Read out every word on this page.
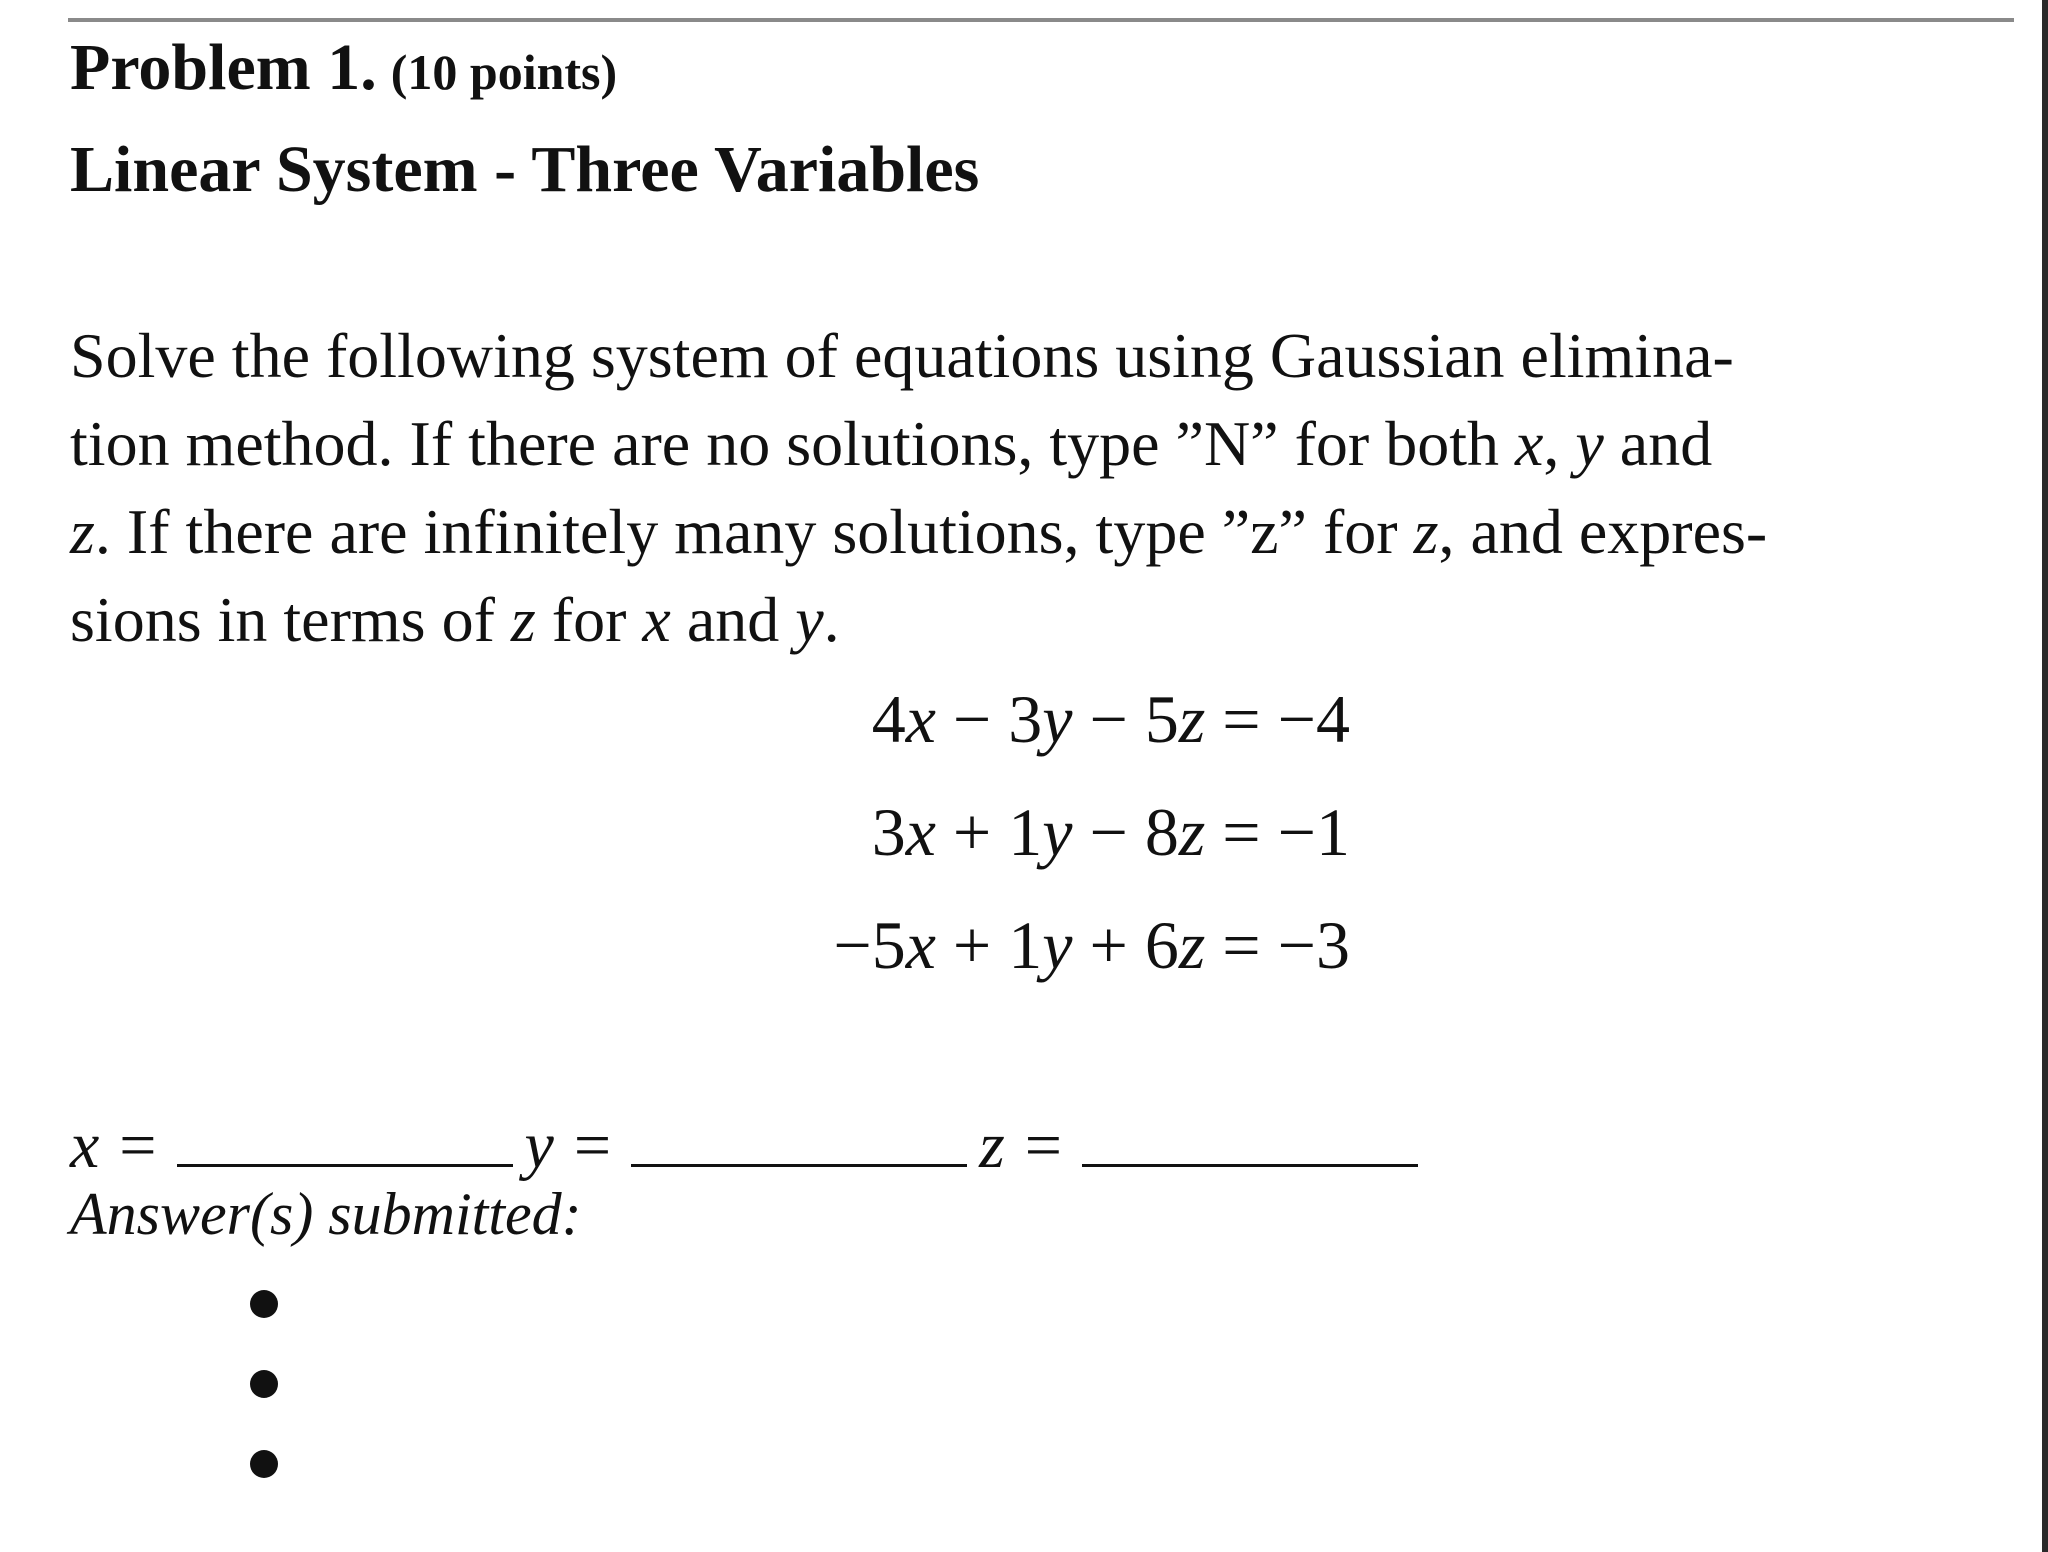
Problem 1. (10 points)
Linear System - Three Variables
Solve the following system of equations using Gaussian elimina-
tion method. If there are no solutions, type ”N” for both x, y and
z. If there are infinitely many solutions, type ”z” for z, and expres-
sions in terms of z for x and y.
4x − 3y − 5z = −4
3x + 1y − 8z = −1
−5x + 1y + 6z = −3
x =	y =	z =
Answer(s) submitted:
